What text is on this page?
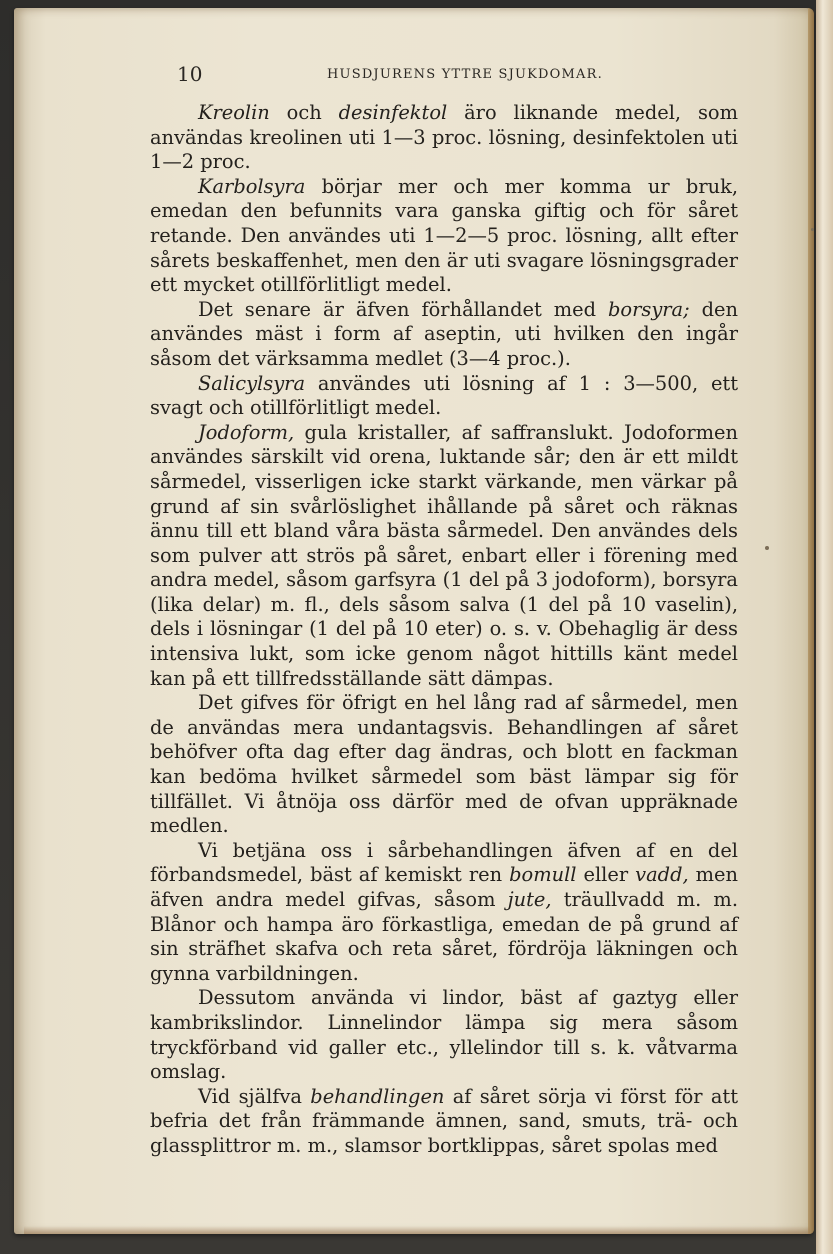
10	HUSDJURENS YTTRE SJUKDOMAR.

Kreolin och desinfektol äro liknande medel, som användas kreolinen uti 1—3 proc. lösning, desinfektolen uti 1—2 proc.

Karbolsyra börjar mer och mer komma ur bruk, emedan den befunnits vara ganska giftig och för såret retande. Den användes uti 1—2—5 proc. lösning, allt efter sårets beskaffenhet, men den är uti svagare lösningsgrader ett mycket otillförlitligt medel.

Det senare är äfven förhållandet med borsyra; den användes mäst i form af aseptin, uti hvilken den ingår såsom det värksamma medlet (3—4 proc.).

Salicylsyra användes uti lösning af 1 : 3—500, ett svagt och otillförlitligt medel.

Jodoform, gula kristaller, af saffranslukt. Jodoformen användes särskilt vid orena, luktande sår; den är ett mildt sårmedel, visserligen icke starkt värkande, men värkar på grund af sin svårlöslighet ihållande på såret och räknas ännu till ett bland våra bästa sårmedel. Den användes dels som pulver att strös på såret, enbart eller i förening med andra medel, såsom garfsyra (1 del på 3 jodoform), borsyra (lika delar) m. fl., dels såsom salva (1 del på 10 vaselin), dels i lösningar (1 del på 10 eter) o. s. v. Obehaglig är dess intensiva lukt, som icke genom något hittills känt medel kan på ett tillfredsställande sätt dämpas.

Det gifves för öfrigt en hel lång rad af sårmedel, men de användas mera undantagsvis. Behandlingen af såret behöfver ofta dag efter dag ändras, och blott en fackman kan bedöma hvilket sårmedel som bäst lämpar sig för tillfället. Vi åtnöja oss därför med de ofvan uppräknade medlen.

Vi betjäna oss i sårbehandlingen äfven af en del förbandsmedel, bäst af kemiskt ren bomull eller vadd, men äfven andra medel gifvas, såsom jute, träullvadd m. m. Blånor och hampa äro förkastliga, emedan de på grund af sin sträfhet skafva och reta såret, fördröja läkningen och gynna varbildningen.

Dessutom använda vi lindor, bäst af gaztyg eller kambrikslindor. Linnelindor lämpa sig mera såsom tryckförband vid galler etc., yllelindor till s. k. våtvarma omslag.

Vid själfva behandlingen af såret sörja vi först för att befria det från främmande ämnen, sand, smuts, trä- och glassplittror m. m., slamsor bortklippas, såret spolas med
